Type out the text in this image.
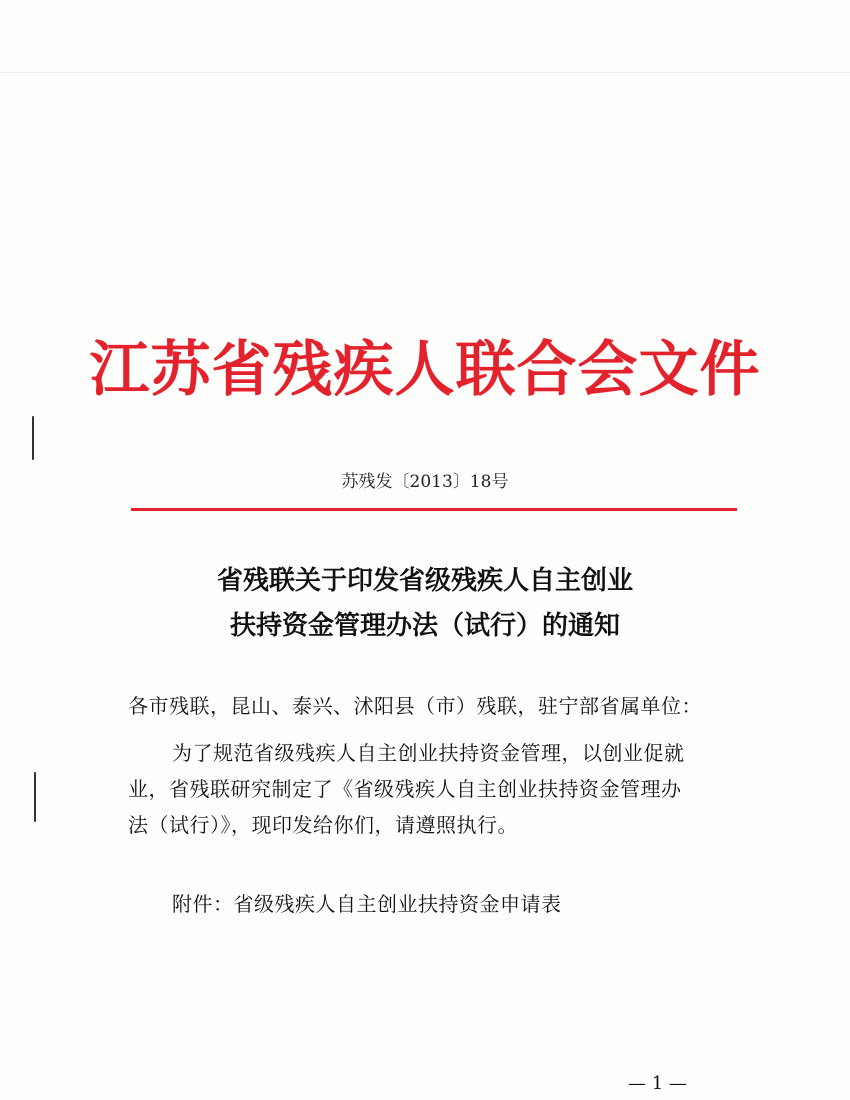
江苏省残疾人联合会文件
苏残发〔2013〕18号
省残联关于印发省级残疾人自主创业
扶持资金管理办法（试行）的通知
各市残联，昆山、泰兴、沭阳县（市）残联，驻宁部省属单位：
为了规范省级残疾人自主创业扶持资金管理，以创业促就
业，省残联研究制定了《省级残疾人自主创业扶持资金管理办
法（试行）》，现印发给你们，请遵照执行。
附件：省级残疾人自主创业扶持资金申请表
— 1 —
